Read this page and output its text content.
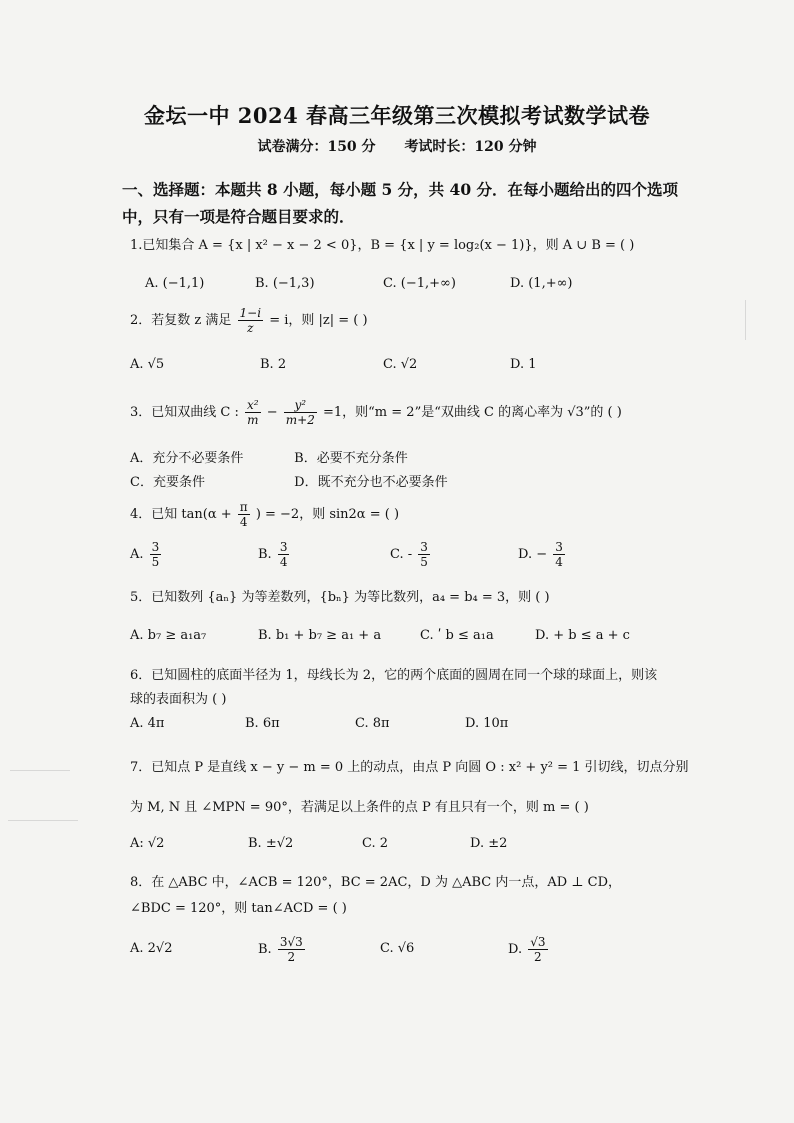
金坛一中 2024 春高三年级第三次模拟考试数学试卷
试卷满分：150 分 考试时长：120 分钟
一、选择题：本题共 8 小题，每小题 5 分，共 40 分．在每小题给出的四个选项
中，只有一项是符合题目要求的．
1.已知集合 A = {x | x² − x − 2 < 0}，B = {x | y = log₂(x − 1)}，则 A ∪ B = ( )
A. (−1,1)	B. (−1,3)	C. (−1,+∞)	D. (1,+∞)
2．若复数 z 满足 $\frac{1-i}{z} = i$，则 |z| = ( )
A. √5	B. 2	C. √2	D. 1
3．已知双曲线 C : $\frac{\text{x²}}{m} - \frac{\text{y²}}{m+2} =1$，则“m = 2”是“双曲线 C 的离心率为 √3”的 ( )
A．充分不必要条件	B．必要不充分条件
C．充要条件	D．既不充分也不必要条件
4．已知 $\tan(\alpha + \frac{\pi}{4}$ ) = −2，则 sin2α = ( )
A. $\frac{3}{5}$	B. $\frac{3}{4}$	C. - $\frac{3}{5}$	D. − $\frac{3}{4}$
5．已知数列 {aₙ} 为等差数列，{bₙ} 为等比数列，a₄ = b₄ = 3，则 ( )
A. b₇ ≥ a₁a₇	B. b₁ + b₇ ≥ a₁ + a	C. ʹ b ≤ a₁a	D. + b ≤ a + c
6．已知圆柱的底面半径为 1，母线长为 2，它的两个底面的圆周在同一个球的球面上，则该
球的表面积为 ( )
A. 4π	B. 6π	C. 8π	D. 10π
7．已知点 P 是直线 x − y − m = 0 上的动点，由点 P 向圆 O : x² + y² = 1 引切线，切点分别
为 M, N 且 ∠MPN = 90°，若满足以上条件的点 P 有且只有一个，则 m = ( )
A: √2	B. ±√2	C. 2	D. ±2
8．在 △ABC 中，∠ACB = 120°，BC = 2AC，D 为 △ABC 内一点，AD ⊥ CD，
∠BDC = 120°，则 tan∠ACD = ( )
A. 2√2	B. $\frac{3√3}{2}$	C. √6	D. $\frac{√3}{2}$
